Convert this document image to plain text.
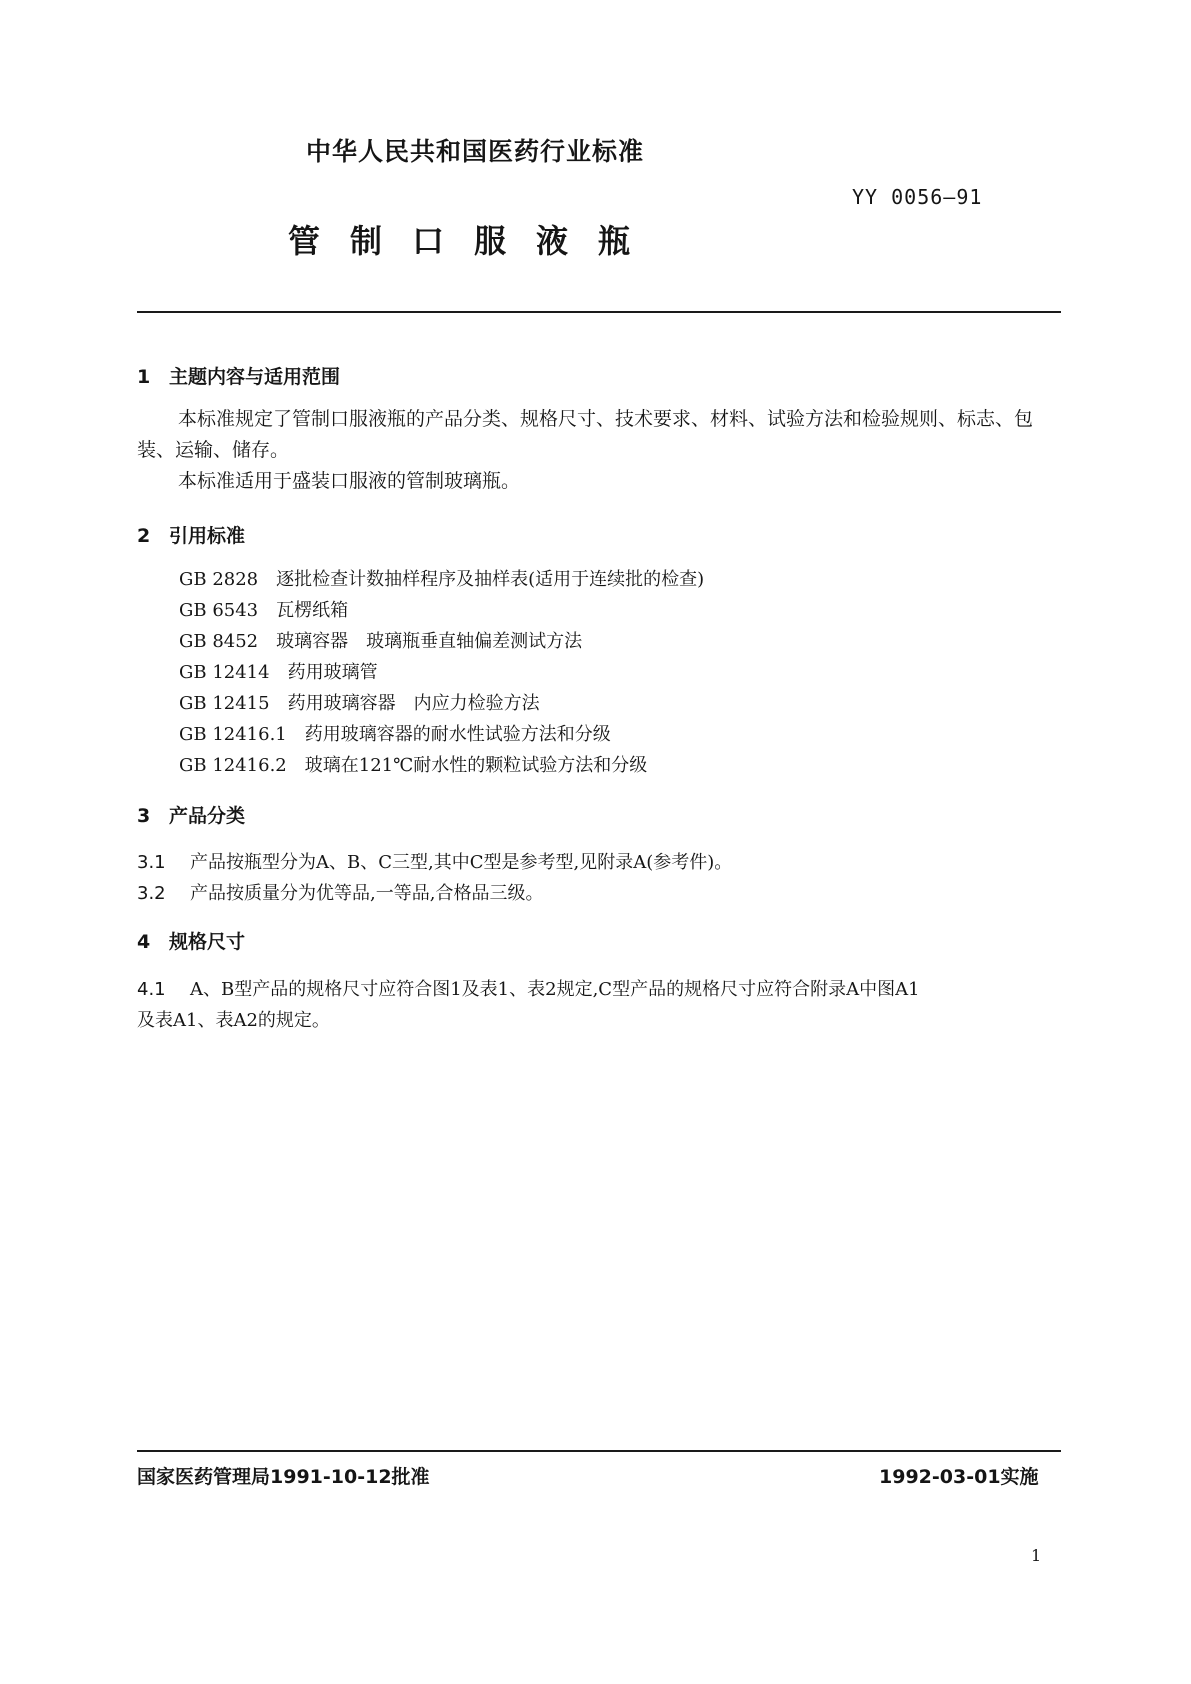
中华人民共和国医药行业标准
YY 0056—91
管制口服液瓶
1 主题内容与适用范围
本标准规定了管制口服液瓶的产品分类、规格尺寸、技术要求、材料、试验方法和检验规则、标志、包
装、运输、储存。
本标准适用于盛装口服液的管制玻璃瓶。
2 引用标准
GB 2828　逐批检查计数抽样程序及抽样表(适用于连续批的检查)
GB 6543　瓦楞纸箱
GB 8452　玻璃容器　玻璃瓶垂直轴偏差测试方法
GB 12414　药用玻璃管
GB 12415　药用玻璃容器　内应力检验方法
GB 12416.1　药用玻璃容器的耐水性试验方法和分级
GB 12416.2　玻璃在121℃耐水性的颗粒试验方法和分级
3 产品分类
3.1 产品按瓶型分为A、B、C三型,其中C型是参考型,见附录A(参考件)。
3.2 产品按质量分为优等品,一等品,合格品三级。
4 规格尺寸
4.1 A、B型产品的规格尺寸应符合图1及表1、表2规定,C型产品的规格尺寸应符合附录A中图A1
及表A1、表A2的规定。
国家医药管理局1991-10-12批准	1992-03-01实施
1
